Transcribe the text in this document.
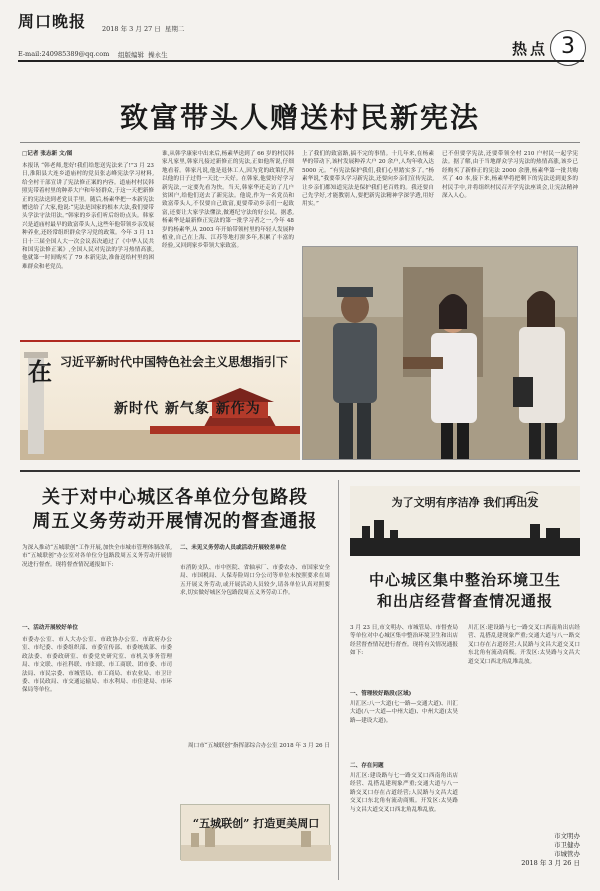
周口晚报	2018 年 3 月 27 日 星期二
E-mail:240985389@qq.com 组版编辑 操永生	热点 3
致富带头人赠送村民新宪法
□记者 张志新 文/图
本报讯 “韩老师,您好!我们给您送宪法来了!”3 月 23 日,淮阳县大连乡道庙村的党员张志峰宪法学习材料,给全村干部宣讲了宪法修正案的内容。道庙村村民韩照宪带着村里的种养大户和年轻群众,于这一天把新修正的宪法送到老党员手里。随后,杨素华把一本新宪法赠送给了大家,他说:“宪法是国家的根本大法,我们要带头学法守法用法。”韩家的乡亲们听后纷纷点头。韩家兴是道庙村最早的致富带头人,这些年他带领乡亲发展种养业,还经常组织群众学习党的政策。今年 3 月 11 日十三届全国人大一次会议表决通过了《中华人民共和国宪法修正案》,全国人民对宪法的学习热情高涨,他就第一时间购买了 79 本新宪法,准备送给村里的困难群众和老党员。
谁,从韩学康家中出来后,杨素华送到了 66 岁的村民韩家凡家里,韩家凡接过新修正的宪法,正如他所说,仔细地看着。韩家凡说,他是退休工人,因为党的政策好,所以他的日子过得一天比一天好。在韩家,他要好好学习新宪法,一定要先看为快。当天,韩家华还走访了几户贫困户,给他们送去了新宪法。他说,作为一名党员和致富带头人,不仅要自己致富,更要带动乡亲们一起致富,还要让大家学法懂法,做遵纪守法的好公民。据悉,杨素华是最新修正宪法的第一批学习者之一,今年 48 岁的杨素华,从 2003 年开始带领村里的年轻人发展种植业,自己在上海、江苏等地打拼多年,积累了丰富的经验,又回到家乡带领大家致富。
上了我们的致富路,搞不完的事情。十几年来,在杨素华的带动下,该村发展种养大户 20 余户,人均年收入达 5000 元。“有宪法保护我们,我们心里踏实多了。”杨素华说,“我要带头学习新宪法,还要向乡亲们宣传宪法,让乡亲们都知道宪法是保护我们老百姓的。我还要自己先学好,才能教别人,要把新宪法精神学深学透,用好用实。”
已不但要学宪法,还要带领全村 210 户村民一起学宪法。据了解,由于当地群众学习宪法的热情高涨,该乡已经购买了新修正的宪法 2000 余册,杨素华第一批共购买了 40 本,接下来,杨素华将把剩下的宪法送到更多的村民手中,并将组织村民召开学宪法座谈会,让宪法精神深入人心。
在 习近平新时代中国特色社会主义思想指引下
新时代 新气象 新作为
关于对中心城区各单位分包路段
周五义务劳动开展情况的督查通报
为深入推动“五城联创”工作开展,加快全市城市管理体制改革,市“五城联创”办公室对各单位分包路段周五义务劳动开展情况进行督查。现将督查情况通报如下:
一、活动开展较好单位
市委办公室、市人大办公室、市政协办公室、市政府办公室、市纪委、市委组织部、市委宣传部、市委统战部、市委政法委、市委政研室、市委党史研究室、市机关事务管理局、市文联、市社科联、市妇联、市工商联、团市委、市司法局、市民宗委、市城管局、市工商局、市农业局、市卫计委、市民政局、市交通运输局、市水利局、市住建局、市环保局等单位。
二、未见义务劳动人员或活动开展较差单位
市消防支队、市中医院、省轴承厂、市委农办、市国家安全局、市国税局、人保寿险周口分公司等单位未按照要求在周五开展义务劳动,或开展活动人员较少,请各单位认真对照要求,切实做好城区分包路段周五义务劳动工作。
周口市“五城联创”指挥部综合办公室 2018 年 3 月 26 日
“五城联创” 打造更美周口
为了文明有序洁净 我们再出发
中心城区集中整治环境卫生
和出店经营督查情况通报
3 月 23 日,市文明办、市城管局、市督查局等单位对中心城区集中整治环境卫生和出店经营督查情况进行督查。现将有关情况通报如下:
一、管理较好路段(区域)
川汇区:八一大道(七一路—交通大道)、川汇大道(八一大道—中州大道)、中州大道(太昊路—建设大道)。
二、存在问题
川汇区:建设路与七一路交叉口西南角出店经营、乱搭乱建现象严重;交通大道与八一路交叉口存在占道经营;人民路与文昌大道交叉口东北角有流动商贩。开发区:太昊路与文昌大道交叉口西北角乱堆乱放。
川汇区:建设路与七一路交叉口西南角出店经营、乱搭乱建现象严重;交通大道与八一路交叉口存在占道经营;人民路与文昌大道交叉口东北角有流动商贩。开发区:太昊路与文昌大道交叉口西北角乱堆乱放。
市文明办
市卫健办
市城管办
2018 年 3 月 26 日
